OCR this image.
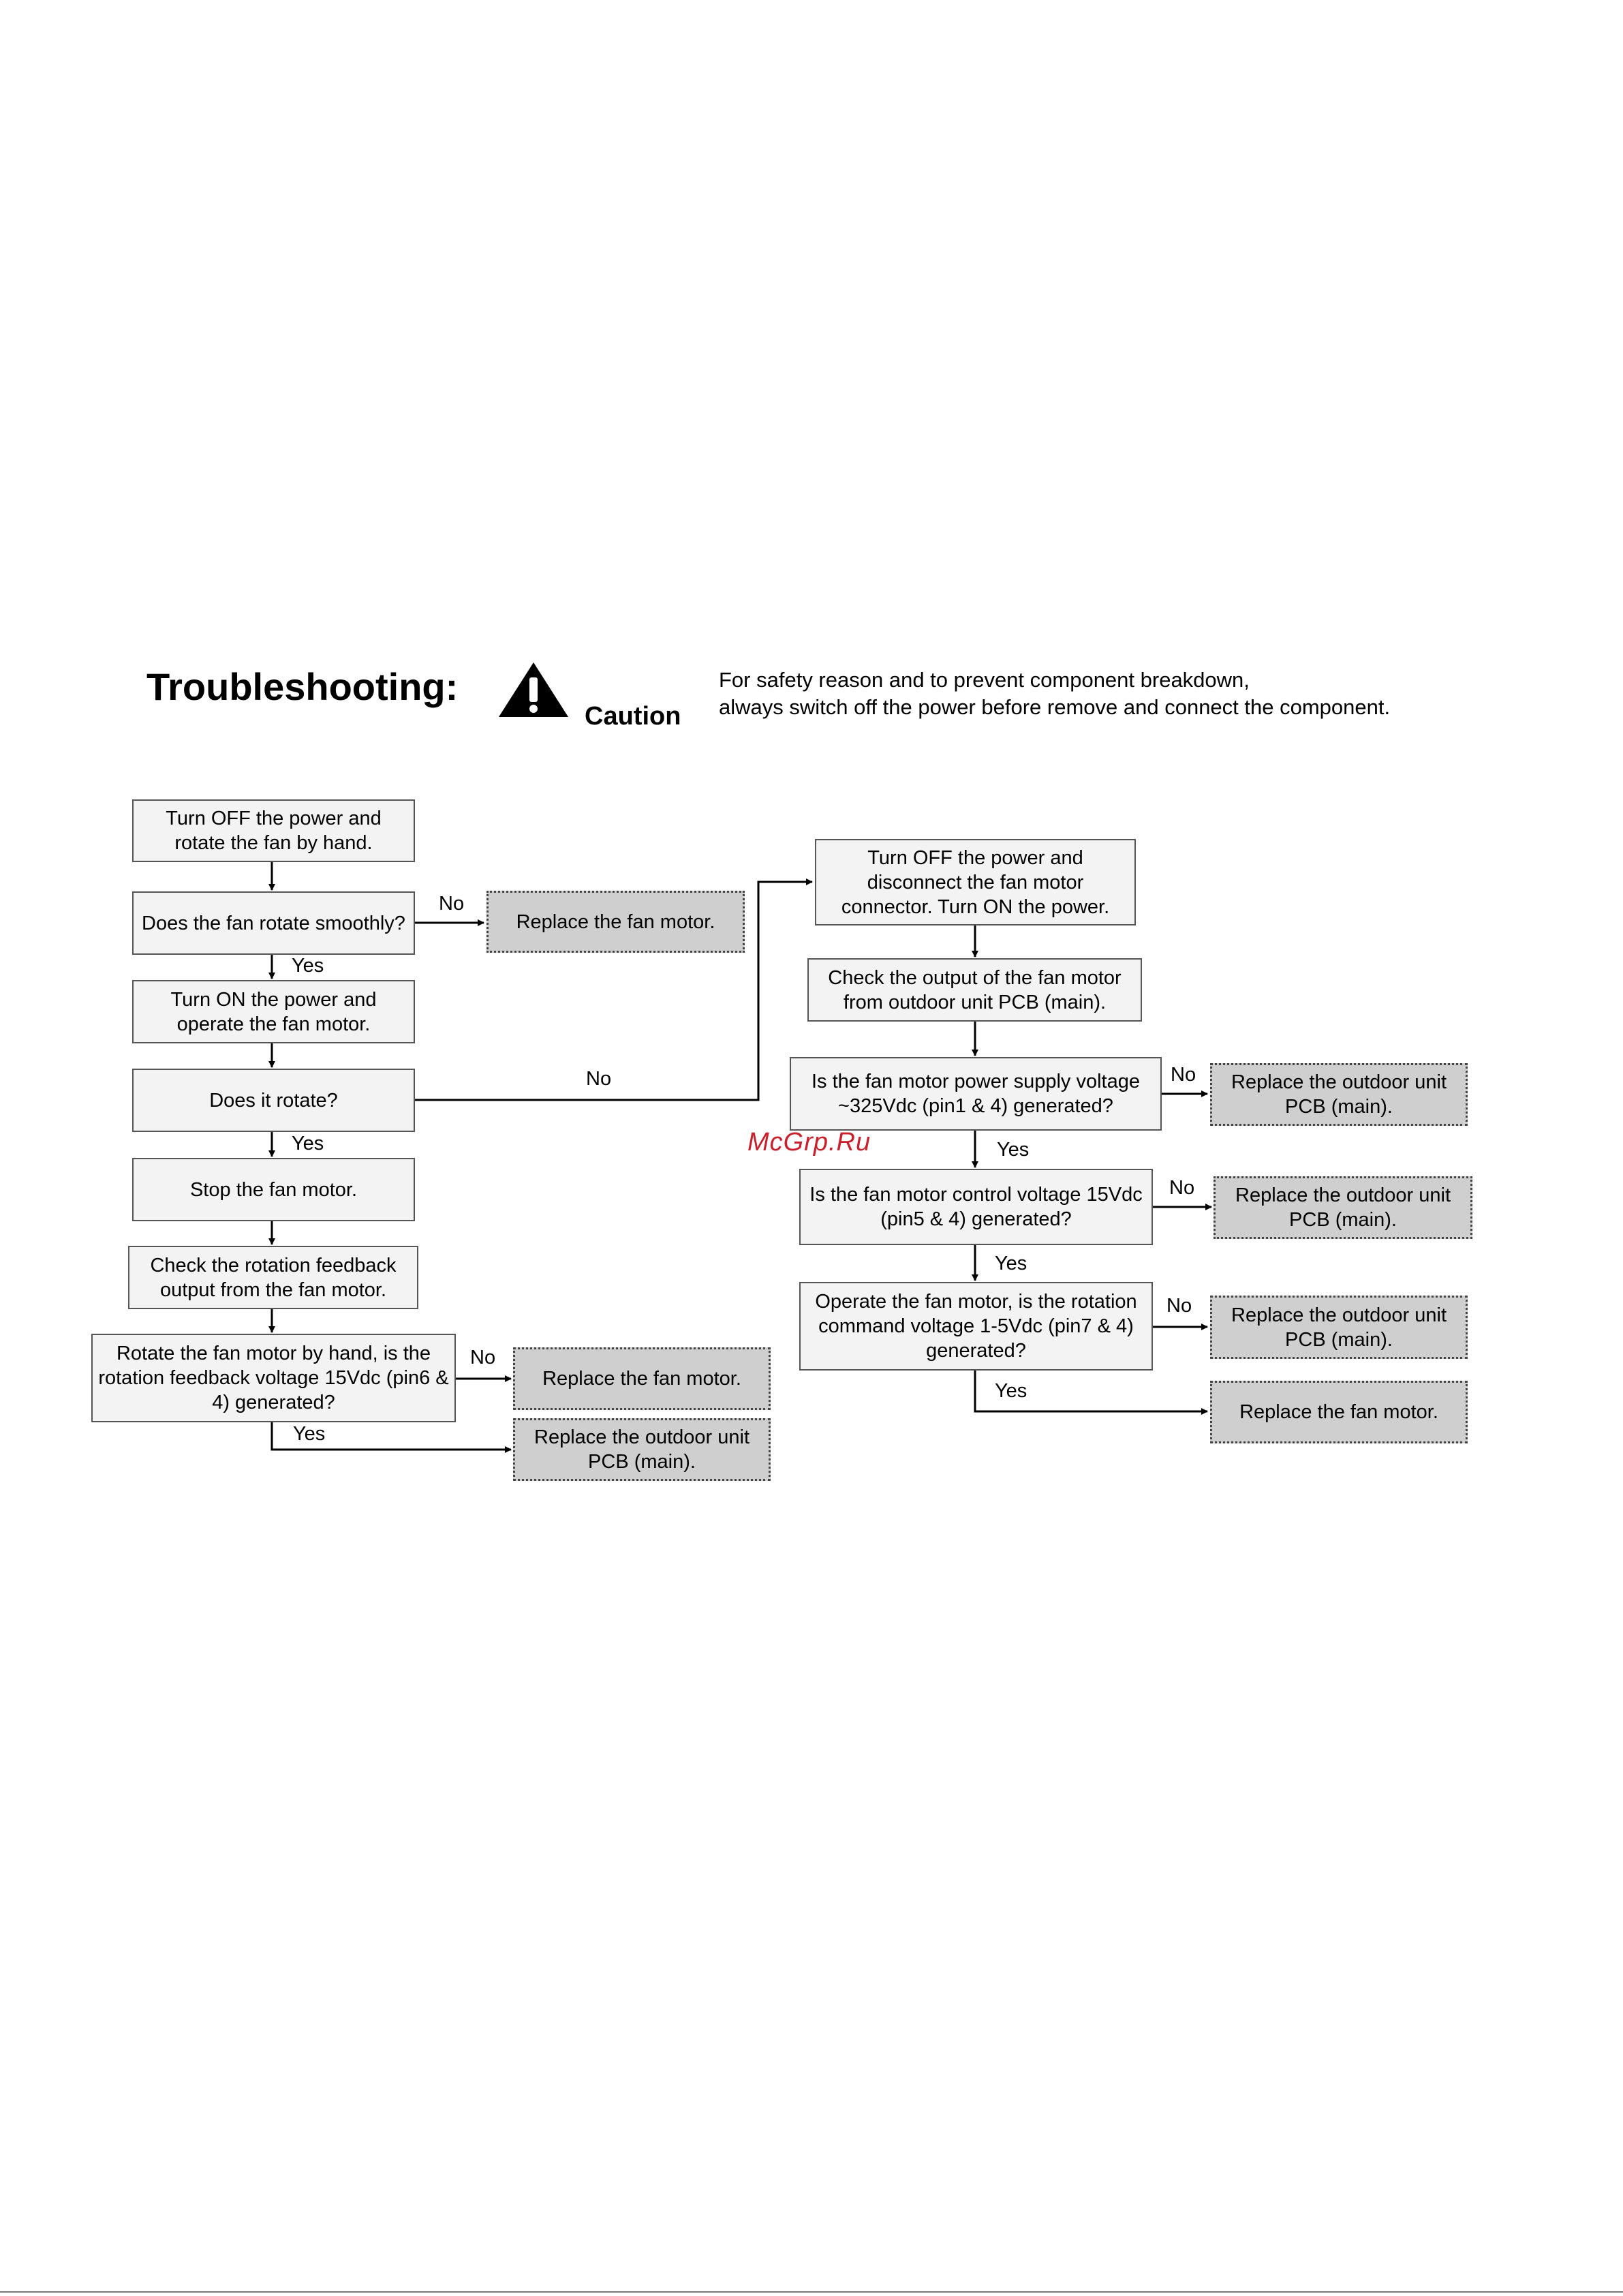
Troubleshooting:
Caution
For safety reason and to prevent component breakdown,
always switch off the power before remove and connect the component.
Turn OFF the power and rotate the fan by hand.
Does the fan rotate smoothly?	Replace the fan motor.
Turn ON the power and operate the fan motor.
Does it rotate?
Stop the fan motor.
Check the rotation feedback output from the fan motor.
Rotate the fan motor by hand, is the rotation feedback voltage 15Vdc (pin6 & 4) generated?
Replace the fan motor.
Replace the outdoor unit PCB (main).
Turn OFF the power and disconnect the fan motor connector. Turn ON the power.
Check the output of the fan motor from outdoor unit PCB (main).
Is the fan motor power supply voltage ~325Vdc (pin1 & 4) generated?
Replace the outdoor unit PCB (main).
Is the fan motor control voltage 15Vdc (pin5 & 4) generated?
Replace the outdoor unit PCB (main).
Operate the fan motor, is the rotation command voltage 1-5Vdc (pin7 & 4) generated?
Replace the outdoor unit PCB (main).
Replace the fan motor.
No
Yes
No
Yes
No
Yes
No
Yes
No
Yes
No
Yes
McGrp.Ru
